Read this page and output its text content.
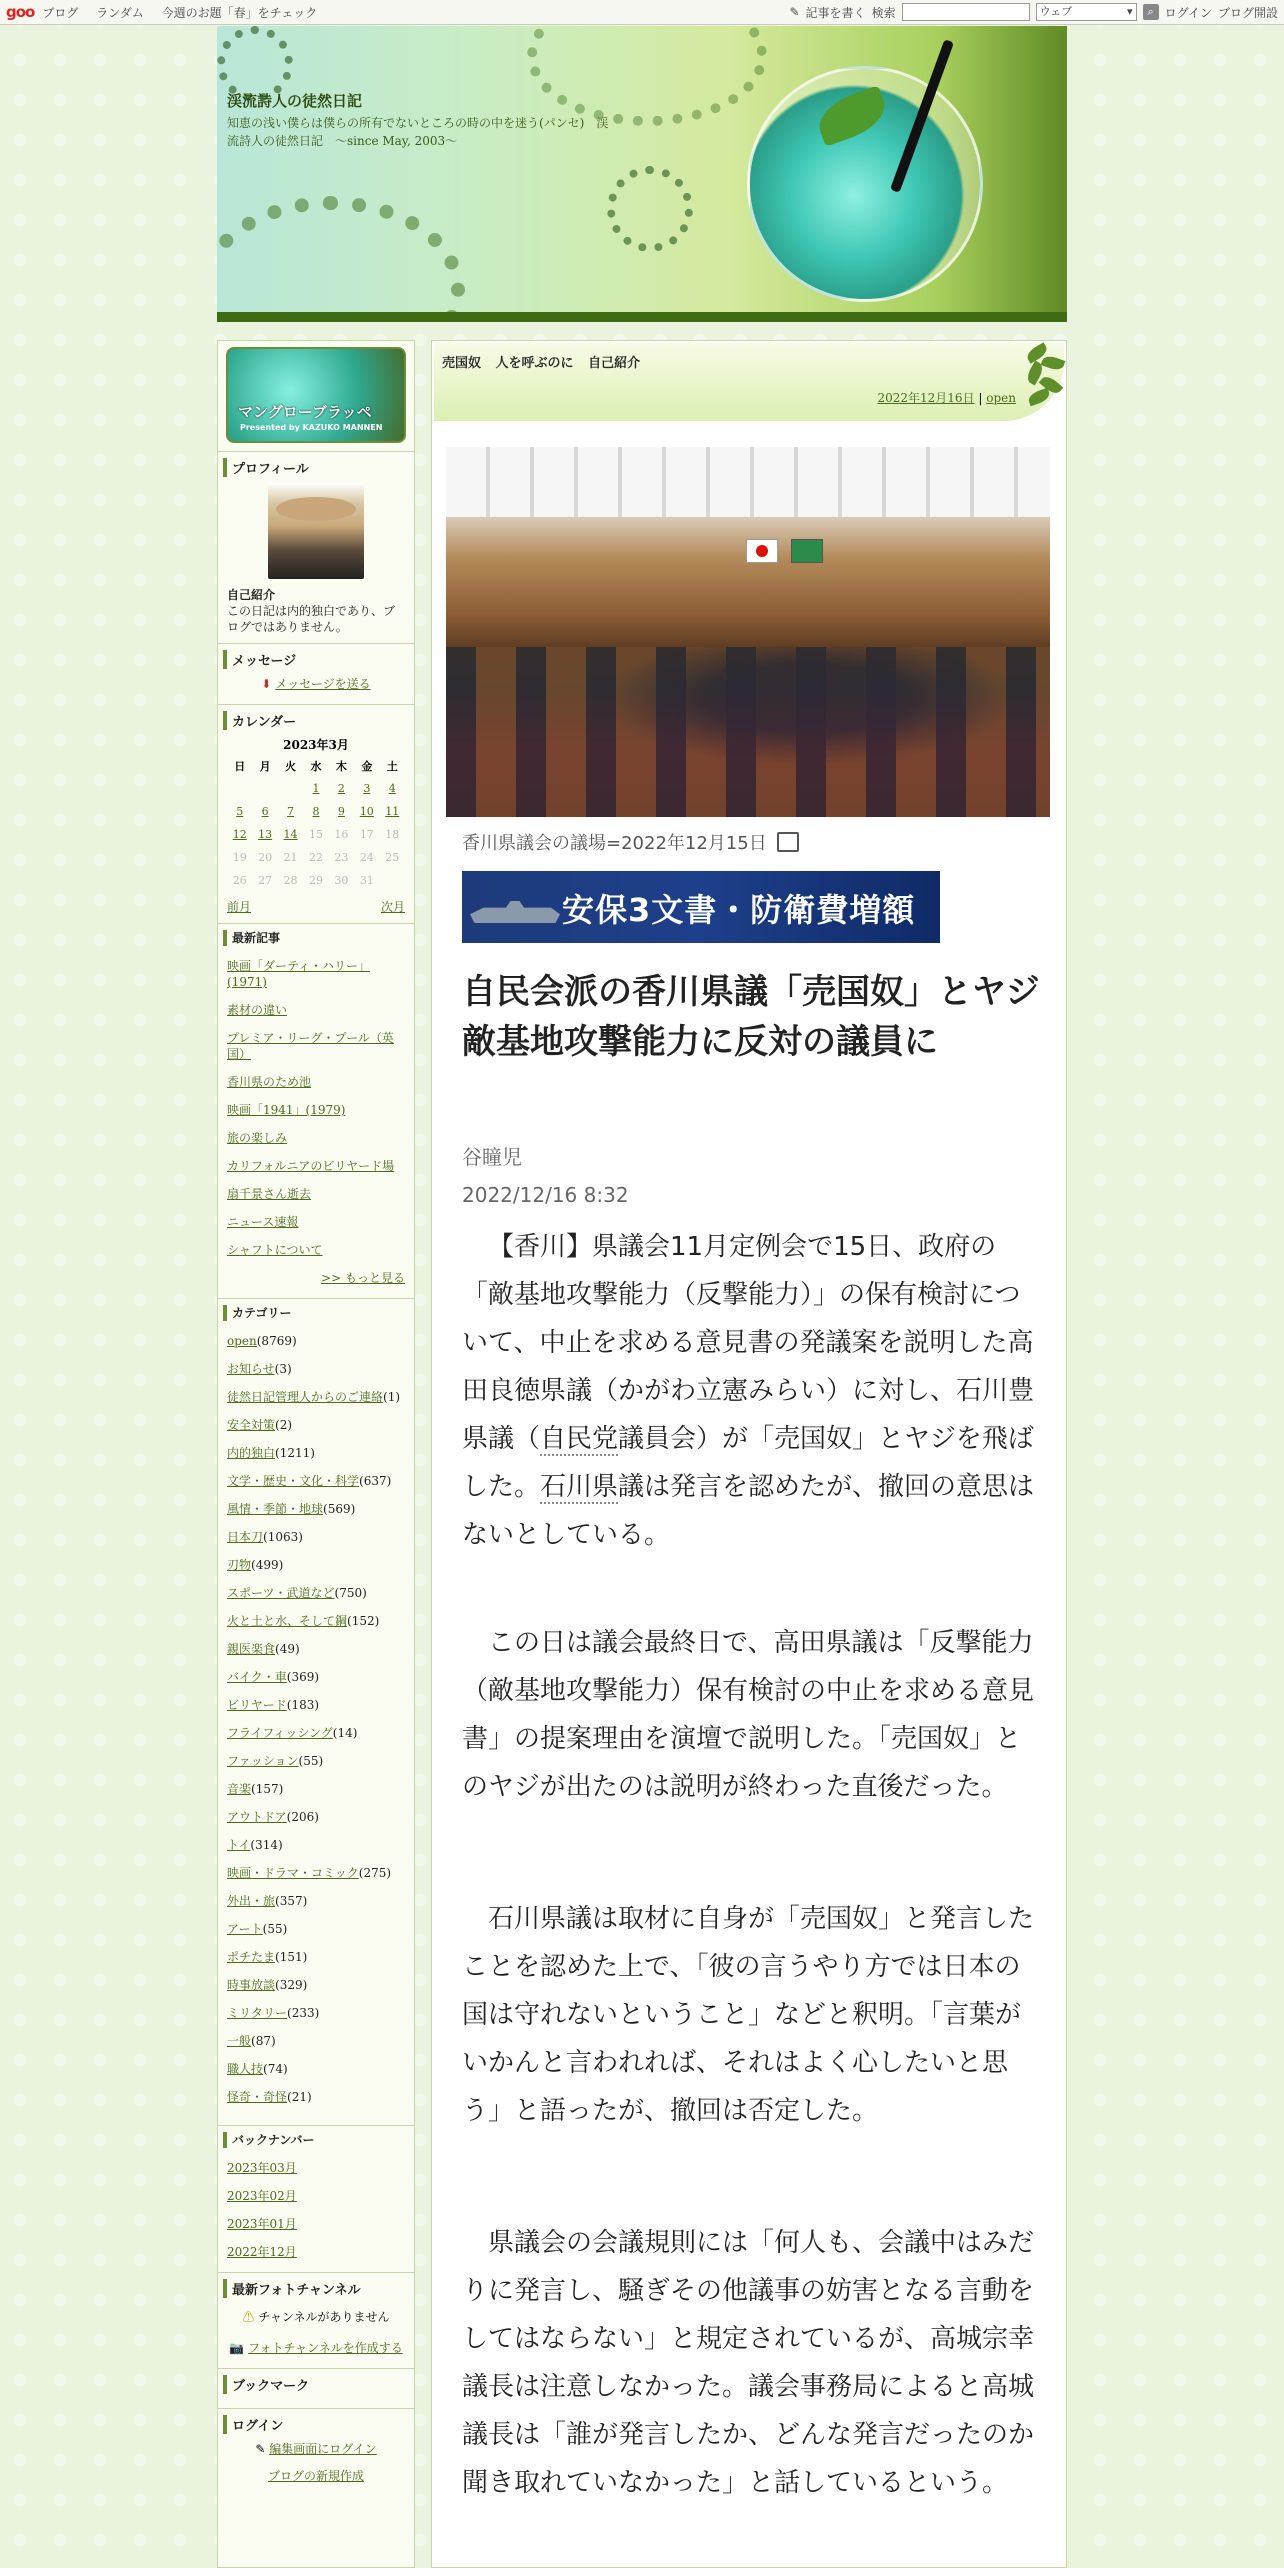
goo ブログ ランダム 今週のお題「春」をチェック	✎ 記事を書く 検索	ウェブ ▾	⌕ ログイン ブログ開設
渓流詩人の徒然日記
知恵の浅い僕らは僕らの所有でないところの時の中を迷う(パンセ)　渓流詩人の徒然日記　～since May, 2003～
マングローブラッペ
Presented by KAZUKO MANNEN
プロフィール
自己紹介
この日記は内的独白であり、ブログではありません。
メッセージ
⬇ メッセージを送る
カレンダー
2023年3月
日	月	火	水	木	金	土
			1	2	3	4
5	6	7	8	9	10	11
12	13	14	15	16	17	18
19	20	21	22	23	24	25
26	27	28	29	30	31	
前月	次月
最新記事
映画「ダーティ・ハリー」(1971)
素材の違い
プレミア・リーグ・プール（英国）
香川県のため池
映画「1941」(1979)
旅の楽しみ
カリフォルニアのビリヤード場
扇千景さん逝去
ニュース速報
シャフトについて
>> もっと見る
カテゴリー
open(8769)
お知らせ(3)
徒然日記管理人からのご連絡(1)
安全対策(2)
内的独白(1211)
文学・歴史・文化・科学(637)
風情・季節・地球(569)
日本刀(1063)
刃物(499)
スポーツ・武道など(750)
火と土と水、そして鋼(152)
親医楽食(49)
バイク・車(369)
ビリヤード(183)
フライフィッシング(14)
ファッション(55)
音楽(157)
アウトドア(206)
トイ(314)
映画・ドラマ・コミック(275)
外出・旅(357)
アート(55)
ポチたま(151)
時事放談(329)
ミリタリー(233)
一般(87)
職人技(74)
怪奇・奇怪(21)
バックナンバー
2023年03月
2023年02月
2023年01月
2022年12月
最新フォトチャンネル
⚠ チャンネルがありません
📷 フォトチャンネルを作成する
ブックマーク
ログイン
✎ 編集画面にログイン
ブログの新規作成
売国奴 人を呼ぶのに 自己紹介
2022年12月16日 | open
香川県議会の議場=2022年12月15日
安保3文書・防衛費増額
自民会派の香川県議「売国奴」とヤジ　敵基地攻撃能力に反対の議員に
谷瞳児
2022/12/16 8:32

【香川】県議会11月定例会で15日、政府の「敵基地攻撃能力（反撃能力）」の保有検討について、中止を求める意見書の発議案を説明した高田良徳県議（かがわ立憲みらい）に対し、石川豊県議（自民党議員会）が「売国奴」とヤジを飛ばした。石川県議は発言を認めたが、撤回の意思はないとしている。

この日は議会最終日で、高田県議は「反撃能力（敵基地攻撃能力）保有検討の中止を求める意見書」の提案理由を演壇で説明した。「売国奴」とのヤジが出たのは説明が終わった直後だった。

石川県議は取材に自身が「売国奴」と発言したことを認めた上で、「彼の言うやり方では日本の国は守れないということ」などと釈明。「言葉がいかんと言われれば、それはよく心したいと思う」と語ったが、撤回は否定した。

県議会の会議規則には「何人も、会議中はみだりに発言し、騒ぎその他議事の妨害となる言動をしてはならない」と規定されているが、高城宗幸議長は注意しなかった。議会事務局によると高城議長は「誰が発言したか、どんな発言だったのか聞き取れていなかった」と話しているという。
